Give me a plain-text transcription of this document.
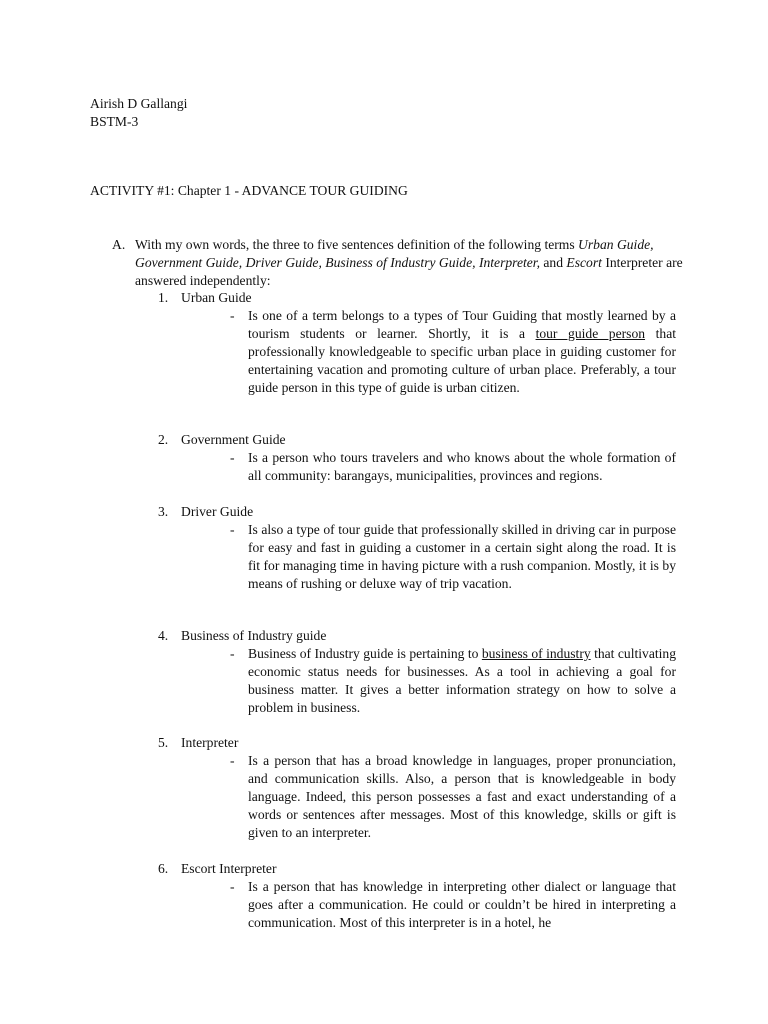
Airish D Gallangi
BSTM-3
ACTIVITY #1: Chapter 1 - ADVANCE TOUR GUIDING
A. With my own words, the three to five sentences definition of the following terms Urban Guide, Government Guide, Driver Guide, Business of Industry Guide, Interpreter, and Escort Interpreter are answered independently:
1. Urban Guide
- Is one of a term belongs to a types of Tour Guiding that mostly learned by a tourism students or learner. Shortly, it is a tour guide person that professionally knowledgeable to specific urban place in guiding customer for entertaining vacation and promoting culture of urban place. Preferably, a tour guide person in this type of guide is urban citizen.
2. Government Guide
- Is a person who tours travelers and who knows about the whole formation of all community: barangays, municipalities, provinces and regions.
3. Driver Guide
- Is also a type of tour guide that professionally skilled in driving car in purpose for easy and fast in guiding a customer in a certain sight along the road. It is fit for managing time in having picture with a rush companion. Mostly, it is by means of rushing or deluxe way of trip vacation.
4. Business of Industry guide
- Business of Industry guide is pertaining to business of industry that cultivating economic status needs for businesses. As a tool in achieving a goal for business matter. It gives a better information strategy on how to solve a problem in business.
5. Interpreter
- Is a person that has a broad knowledge in languages, proper pronunciation, and communication skills. Also, a person that is knowledgeable in body language. Indeed, this person possesses a fast and exact understanding of a words or sentences after messages. Most of this knowledge, skills or gift is given to an interpreter.
6. Escort Interpreter
- Is a person that has knowledge in interpreting other dialect or language that goes after a communication. He could or couldn’t be hired in interpreting a communication. Most of this interpreter is in a hotel, he
